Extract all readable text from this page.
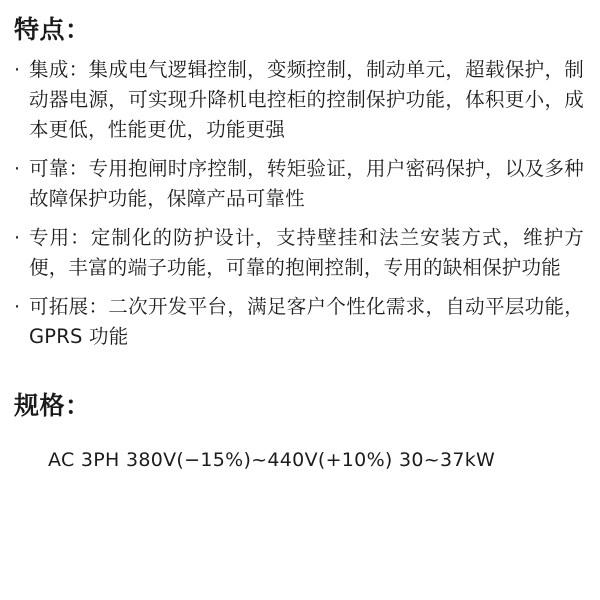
特点：
· 集成：集成电气逻辑控制，变频控制，制动单元，超载保护，制动器电源，可实现升降机电控柜的控制保护功能，体积更小，成本更低，性能更优，功能更强
· 可靠：专用抱闸时序控制，转矩验证，用户密码保护，以及多种故障保护功能，保障产品可靠性
· 专用：定制化的防护设计，支持壁挂和法兰安装方式，维护方便，丰富的端子功能，可靠的抱闸控制，专用的缺相保护功能
· 可拓展：二次开发平台，满足客户个性化需求，自动平层功能，GPRS 功能
规格：
AC 3PH 380V(−15%)~440V(+10%) 30~37kW
